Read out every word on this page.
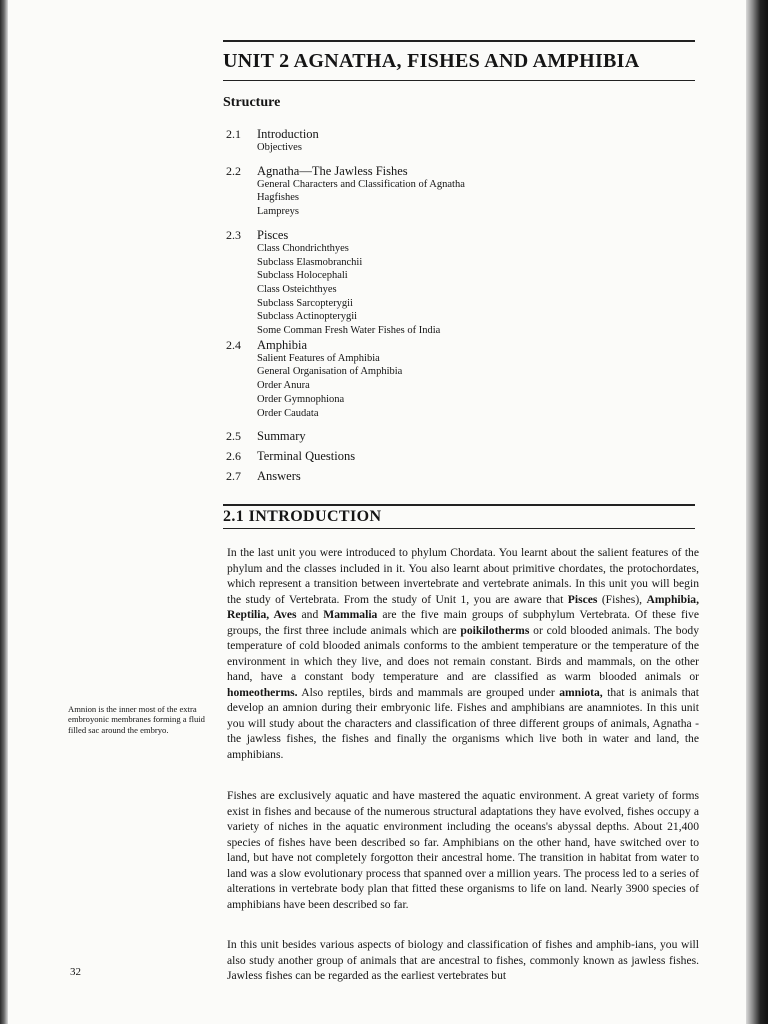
UNIT 2 AGNATHA, FISHES AND AMPHIBIA
Structure
2.1 Introduction
Objectives
2.2 Agnatha—The Jawless Fishes
General Characters and Classification of Agnatha
Hagfishes
Lampreys
2.3 Pisces
Class Chondrichthyes
Subclass Elasmobranchii
Subclass Holocephali
Class Osteichthyes
Subclass Sarcopterygii
Subclass Actinopterygii
Some Comman Fresh Water Fishes of India
2.4 Amphibia
Salient Features of Amphibia
General Organisation of Amphibia
Order Anura
Order Gymnophiona
Order Caudata
2.5 Summary
2.6 Terminal Questions
2.7 Answers
2.1 INTRODUCTION

In the last unit you were introduced to phylum Chordata. You learnt about the salient features of the phylum and the classes included in it. You also learnt about primitive chordates, the protochordates, which represent a transition between invertebrate and vertebrate animals. In this unit you will begin the study of Vertebrata. From the study of Unit 1, you are aware that Pisces (Fishes), Amphibia, Reptilia, Aves and Mammalia are the five main groups of subphylum Vertebrata. Of these five groups, the first three include animals which are poikilotherms or cold blooded animals. The body temperature of cold blooded animals conforms to the ambient temperature or the temperature of the environment in which they live, and does not remain constant. Birds and mammals, on the other hand, have a constant body temperature and are classified as warm blooded animals or homeotherms. Also reptiles, birds and mammals are grouped under amniota, that is animals that develop an amnion during their embryonic life. Fishes and amphibians are anamniotes. In this unit you will study about the characters and classification of three different groups of animals, Agnatha - the jawless fishes, the fishes and finally the organisms which live both in water and land, the amphibians.

Fishes are exclusively aquatic and have mastered the aquatic environment. A great variety of forms exist in fishes and because of the numerous structural adaptations they have evolved, fishes occupy a variety of niches in the aquatic environment including the oceans's abyssal depths. About 21,400 species of fishes have been described so far. Amphibians on the other hand, have switched over to land, but have not completely forgotton their ancestral home. The transition in habitat from water to land was a slow evolutionary process that spanned over a million years. The process led to a series of alterations in vertebrate body plan that fitted these organisms to life on land. Nearly 3900 species of amphibians have been described so far.

In this unit besides various aspects of biology and classification of fishes and amphib-ians, you will also study another group of animals that are ancestral to fishes, commonly known as jawless fishes. Jawless fishes can be regarded as the earliest vertebrates but

Amnion is the inner most of the extra embroyonic membranes forming a fluid filled sac around the embryo.

32
